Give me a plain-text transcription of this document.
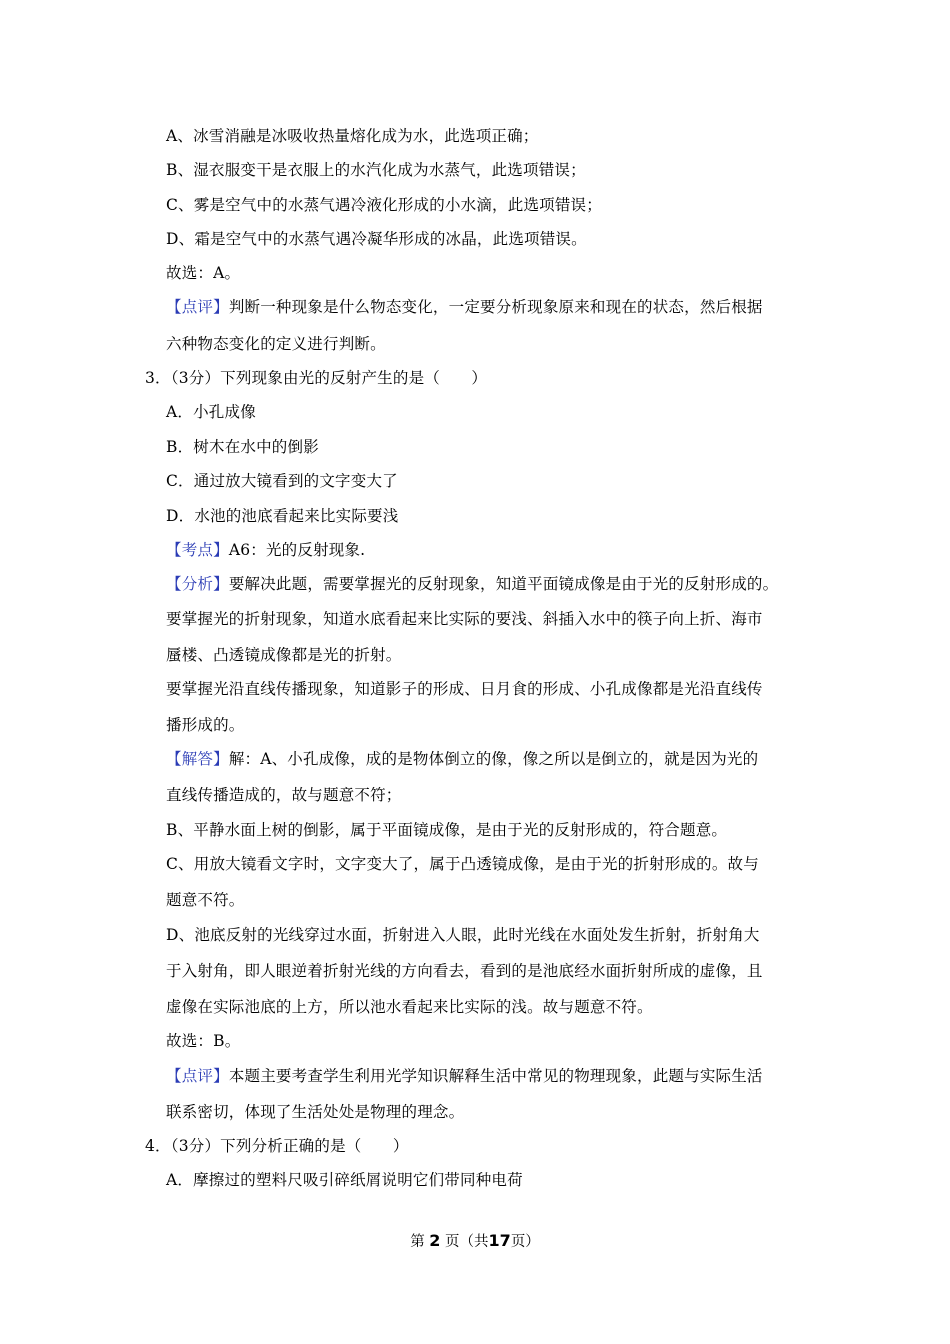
A、冰雪消融是冰吸收热量熔化成为水，此选项正确；
B、湿衣服变干是衣服上的水汽化成为水蒸气，此选项错误；
C、雾是空气中的水蒸气遇冷液化形成的小水滴，此选项错误；
D、霜是空气中的水蒸气遇冷凝华形成的冰晶，此选项错误。
故选：A。
【点评】判断一种现象是什么物态变化，一定要分析现象原来和现在的状态，然后根据
六种物态变化的定义进行判断。
3．（3分）下列现象由光的反射产生的是（　　）
A．小孔成像
B．树木在水中的倒影
C．通过放大镜看到的文字变大了
D．水池的池底看起来比实际要浅
【考点】A6：光的反射现象.
【分析】要解决此题，需要掌握光的反射现象，知道平面镜成像是由于光的反射形成的。
要掌握光的折射现象，知道水底看起来比实际的要浅、斜插入水中的筷子向上折、海市
蜃楼、凸透镜成像都是光的折射。
要掌握光沿直线传播现象，知道影子的形成、日月食的形成、小孔成像都是光沿直线传
播形成的。
【解答】解：A、小孔成像，成的是物体倒立的像，像之所以是倒立的，就是因为光的
直线传播造成的，故与题意不符；
B、平静水面上树的倒影，属于平面镜成像，是由于光的反射形成的，符合题意。
C、用放大镜看文字时，文字变大了，属于凸透镜成像，是由于光的折射形成的。故与
题意不符。
D、池底反射的光线穿过水面，折射进入人眼，此时光线在水面处发生折射，折射角大
于入射角，即人眼逆着折射光线的方向看去，看到的是池底经水面折射所成的虚像，且
虚像在实际池底的上方，所以池水看起来比实际的浅。故与题意不符。
故选：B。
【点评】本题主要考查学生利用光学知识解释生活中常见的物理现象，此题与实际生活
联系密切，体现了生活处处是物理的理念。
4．（3分）下列分析正确的是（　　）
A．摩擦过的塑料尺吸引碎纸屑说明它们带同种电荷
第 2 页（共17页）
